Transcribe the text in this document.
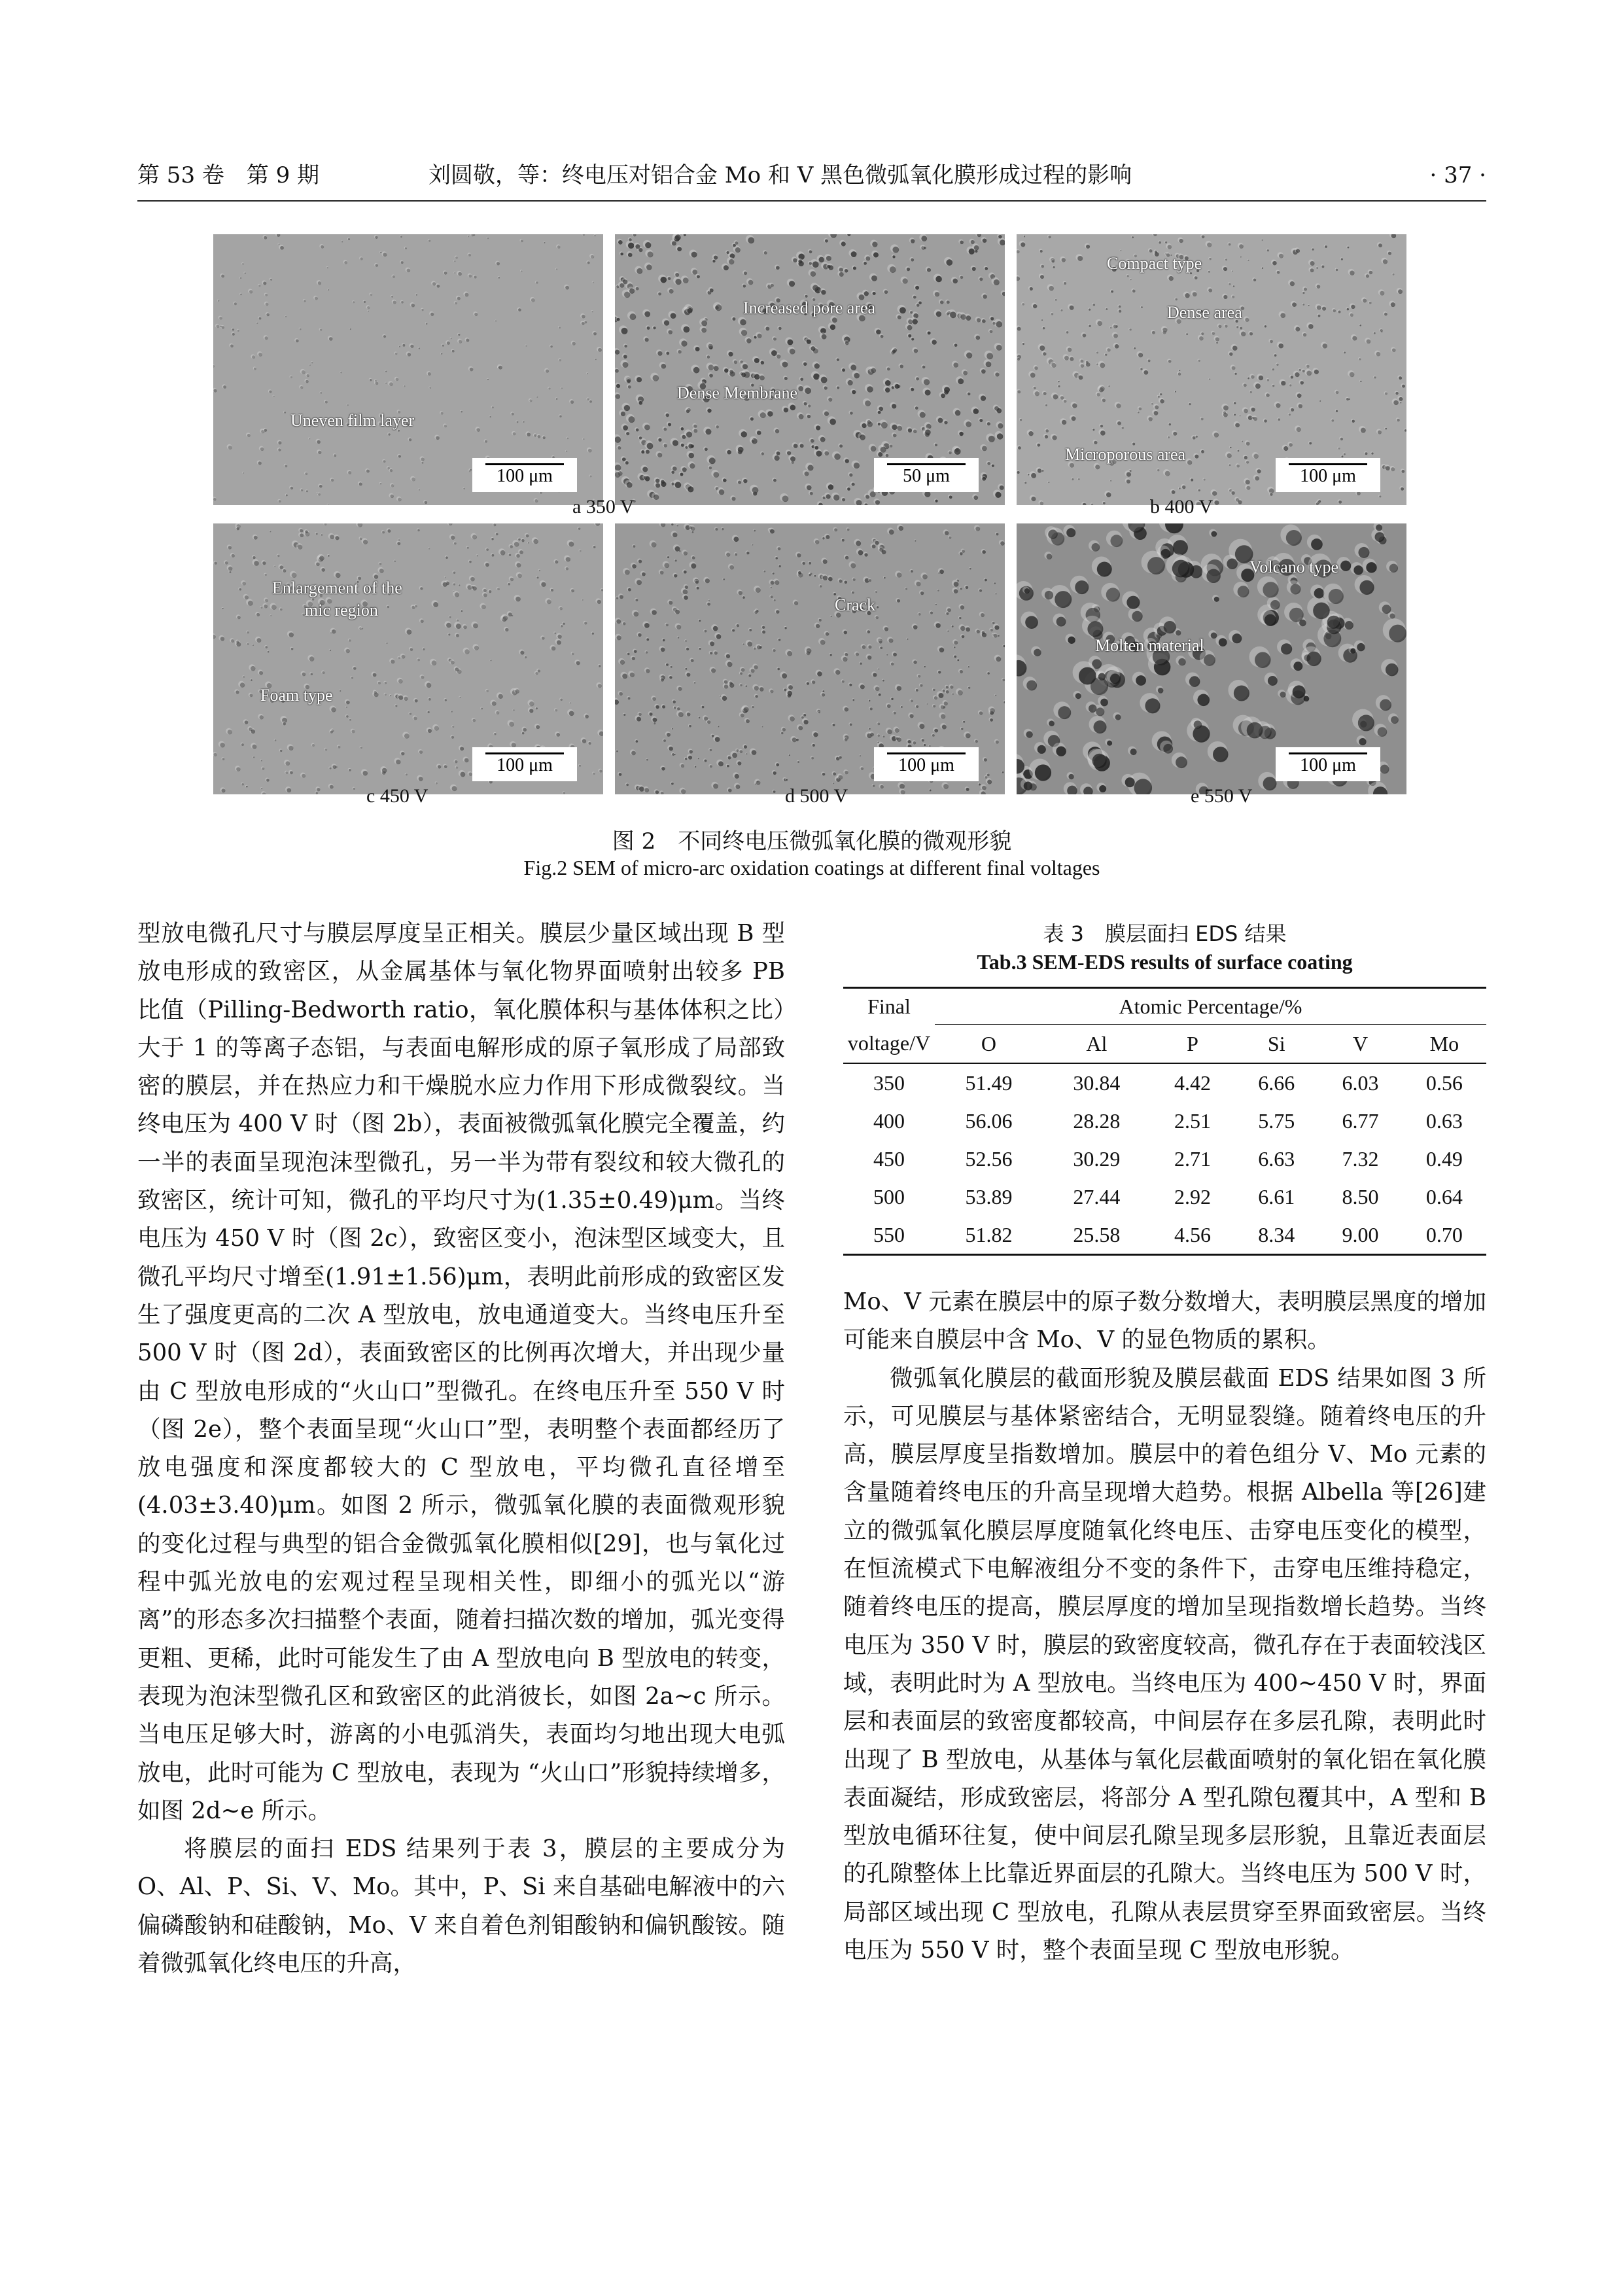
第 53 卷　第 9 期	刘圆敬，等：终电压对铝合金 Mo 和 V 黑色微弧氧化膜形成过程的影响	· 37 ·
Uneven film layer
100 μm
Increased pore area
Dense Membrane
50 μm
Compact type
Dense area
Microporous area
100 μm
a 350 V	b 400 V
Enlargement of the
mic region
Foam type
100 μm
Crack
100 μm
Volcano type
Molten material
100 μm
c 450 V	d 500 V	e 550 V
图 2　不同终电压微弧氧化膜的微观形貌
Fig.2 SEM of micro-arc oxidation coatings at different final voltages

型放电微孔尺寸与膜层厚度呈正相关。膜层少量区域出现 B 型放电形成的致密区，从金属基体与氧化物界面喷射出较多 PB 比值（Pilling-Bedworth ratio，氧化膜体积与基体体积之比）大于 1 的等离子态铝，与表面电解形成的原子氧形成了局部致密的膜层，并在热应力和干燥脱水应力作用下形成微裂纹。当终电压为 400 V 时（图 2b），表面被微弧氧化膜完全覆盖，约一半的表面呈现泡沫型微孔，另一半为带有裂纹和较大微孔的致密区，统计可知，微孔的平均尺寸为(1.35±0.49)μm。当终电压为 450 V 时（图 2c），致密区变小，泡沫型区域变大，且微孔平均尺寸增至(1.91±1.56)μm，表明此前形成的致密区发生了强度更高的二次 A 型放电，放电通道变大。当终电压升至 500 V 时（图 2d），表面致密区的比例再次增大，并出现少量由 C 型放电形成的“火山口”型微孔。在终电压升至 550 V 时（图 2e），整个表面呈现“火山口”型，表明整个表面都经历了放电强度和深度都较大的 C 型放电，平均微孔直径增至(4.03±3.40)μm。如图 2 所示，微弧氧化膜的表面微观形貌的变化过程与典型的铝合金微弧氧化膜相似[29]，也与氧化过程中弧光放电的宏观过程呈现相关性，即细小的弧光以“游离”的形态多次扫描整个表面，随着扫描次数的增加，弧光变得更粗、更稀，此时可能发生了由 A 型放电向 B 型放电的转变，表现为泡沫型微孔区和致密区的此消彼长，如图 2a~c 所示。当电压足够大时，游离的小电弧消失，表面均匀地出现大电弧放电，此时可能为 C 型放电，表现为 “火山口”形貌持续增多，如图 2d~e 所示。

将膜层的面扫 EDS 结果列于表 3，膜层的主要成分为 O、Al、P、Si、V、Mo。其中，P、Si 来自基础电解液中的六偏磷酸钠和硅酸钠，Mo、V 来自着色剂钼酸钠和偏钒酸铵。随着微弧氧化终电压的升高，

表 3　膜层面扫 EDS 结果
Tab.3 SEM-EDS results of surface coating
Final	Atomic Percentage/%					
voltage/V	O	Al	P	Si	V	Mo
350	51.49	30.84	4.42	6.66	6.03	0.56
400	56.06	28.28	2.51	5.75	6.77	0.63
450	52.56	30.29	2.71	6.63	7.32	0.49
500	53.89	27.44	2.92	6.61	8.50	0.64
550	51.82	25.58	4.56	8.34	9.00	0.70

Mo、V 元素在膜层中的原子数分数增大，表明膜层黑度的增加可能来自膜层中含 Mo、V 的显色物质的累积。

微弧氧化膜层的截面形貌及膜层截面 EDS 结果如图 3 所示，可见膜层与基体紧密结合，无明显裂缝。随着终电压的升高，膜层厚度呈指数增加。膜层中的着色组分 V、Mo 元素的含量随着终电压的升高呈现增大趋势。根据 Albella 等[26]建立的微弧氧化膜层厚度随氧化终电压、击穿电压变化的模型，在恒流模式下电解液组分不变的条件下，击穿电压维持稳定，随着终电压的提高，膜层厚度的增加呈现指数增长趋势。当终电压为 350 V 时，膜层的致密度较高，微孔存在于表面较浅区域，表明此时为 A 型放电。当终电压为 400~450 V 时，界面层和表面层的致密度都较高，中间层存在多层孔隙，表明此时出现了 B 型放电，从基体与氧化层截面喷射的氧化铝在氧化膜表面凝结，形成致密层，将部分 A 型孔隙包覆其中，A 型和 B 型放电循环往复，使中间层孔隙呈现多层形貌，且靠近表面层的孔隙整体上比靠近界面层的孔隙大。当终电压为 500 V 时，局部区域出现 C 型放电，孔隙从表层贯穿至界面致密层。当终电压为 550 V 时，整个表面呈现 C 型放电形貌。
